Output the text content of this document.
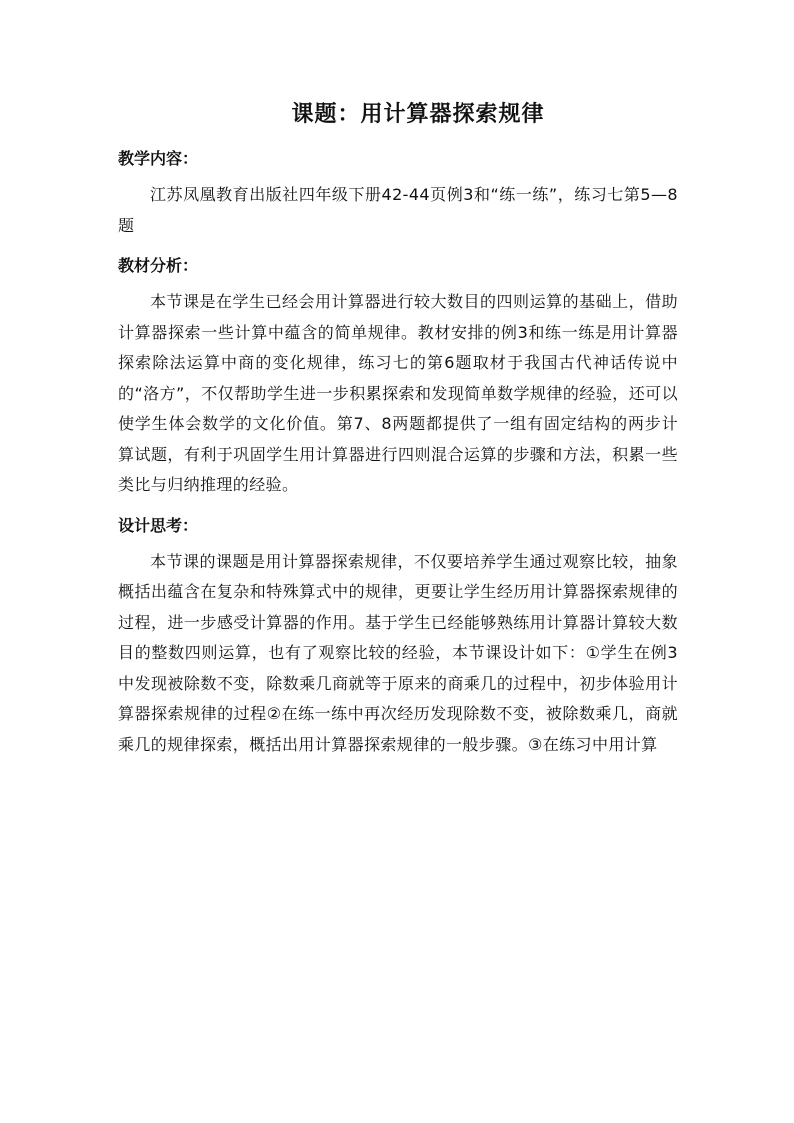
课题：用计算器探索规律
教学内容：
江苏凤凰教育出版社四年级下册42-44页例3和“练一练”，练习七第5—8题
教材分析：
本节课是在学生已经会用计算器进行较大数目的四则运算的基础上，借助计算器探索一些计算中蕴含的简单规律。教材安排的例3和练一练是用计算器探索除法运算中商的变化规律，练习七的第6题取材于我国古代神话传说中的“洛方”，不仅帮助学生进一步积累探索和发现简单数学规律的经验，还可以使学生体会数学的文化价值。第7、8两题都提供了一组有固定结构的两步计算试题，有利于巩固学生用计算器进行四则混合运算的步骤和方法，积累一些类比与归纳推理的经验。
设计思考：
本节课的课题是用计算器探索规律，不仅要培养学生通过观察比较，抽象概括出蕴含在复杂和特殊算式中的规律，更要让学生经历用计算器探索规律的过程，进一步感受计算器的作用。基于学生已经能够熟练用计算器计算较大数目的整数四则运算，也有了观察比较的经验，本节课设计如下：①学生在例3中发现被除数不变，除数乘几商就等于原来的商乘几的过程中，初步体验用计算器探索规律的过程②在练一练中再次经历发现除数不变，被除数乘几，商就乘几的规律探索，概括出用计算器探索规律的一般步骤。③在练习中用计算
